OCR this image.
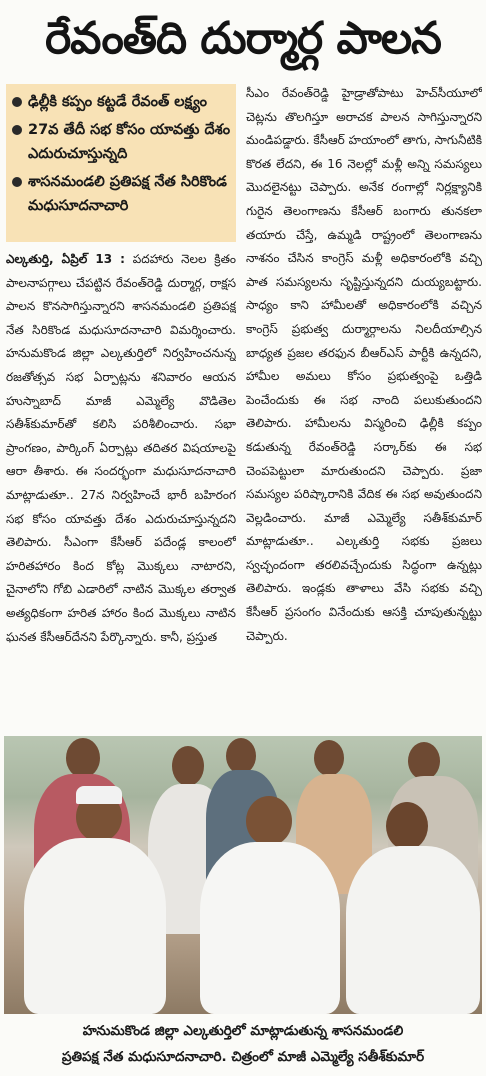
రేవంత్‌ది దుర్మార్గ పాలన
ఢిల్లీకి కప్పం కట్టడే రేవంత్ లక్ష్యం
27వ తేదీ సభ కోసం యావత్తు దేశం ఎదురుచూస్తున్నది
శాసనమండలి ప్రతిపక్ష నేత సిరికొండ మధుసూదనాచారి

ఎల్కతుర్తి, ఏప్రిల్ 13 : పదహారు నెలల క్రితం పాలనాపగ్గాలు చేపట్టిన రేవంత్‌రెడ్డి దుర్మార్గ, రాక్షస పాలన కొనసాగిస్తున్నారని శాసనమండలి ప్రతిపక్ష నేత సిరికొండ మధుసూదనాచారి విమర్శించారు. హనుమకొండ జిల్లా ఎల్కతుర్తిలో నిర్వహించనున్న రజతోత్సవ సభ ఏర్పాట్లను శనివారం ఆయన హుస్నాబాద్ మాజీ ఎమ్మెల్యే వొడితెల సతీశ్‌కుమార్‌తో కలిసి పరిశీలించారు. సభా ప్రాంగణం, పార్కింగ్ ఏర్పాట్లు తదితర విషయాలపై ఆరా తీశారు. ఈ సందర్భంగా మధుసూదనాచారి మాట్లాడుతూ.. 27న నిర్వహించే భారీ బహిరంగ సభ కోసం యావత్తు దేశం ఎదురుచూస్తున్నదని తెలిపారు. సీఎంగా కేసీఆర్ పదేండ్ల కాలంలో హరితహారం కింద కోట్ల మొక్కలు నాటారని, చైనాలోని గోబి ఎడారిలో నాటిన మొక్కల తర్వాత అత్యధికంగా హరిత హారం కింద మొక్కలు నాటిన ఘనత కేసీఆర్‌దేనని పేర్కొన్నారు. కానీ, ప్రస్తుత

సీఎం రేవంత్‌రెడ్డి హైడ్రాతోపాటు హెచ్‌సీయూలో చెట్లను తొలగిస్తూ అరాచక పాలన సాగిస్తున్నారని మండిపడ్డారు. కేసీఆర్ హయాంలో తాగు, సాగునీటికి కొరత లేదని, ఈ 16 నెలల్లో మళ్లీ అన్ని సమస్యలు మొదలైనట్టు చెప్పారు. అనేక రంగాల్లో నిర్లక్ష్యానికి గురైన తెలంగాణను కేసీఆర్ బంగారు తునకలా తయారు చేస్తే, ఉమ్మడి రాష్ట్రంలో తెలంగాణను నాశనం చేసిన కాంగ్రెస్ మళ్లీ అధికారంలోకి వచ్చి పాత సమస్యలను సృష్టిస్తున్నదని దుయ్యబట్టారు. సాధ్యం కాని హామీలతో అధికారంలోకి వచ్చిన కాంగ్రెస్ ప్రభుత్వ దుర్మార్గాలను నిలదీయాల్సిన బాధ్యత ప్రజల తరఫున బీఆర్‌ఎస్ పార్టీకి ఉన్నదని, హామీల అమలు కోసం ప్రభుత్వంపై ఒత్తిడి పెంచేందుకు ఈ సభ నాంది పలుకుతుందని తెలిపారు. హామీలను విస్మరించి ఢిల్లీకి కప్పం కడుతున్న రేవంత్‌రెడ్డి సర్కార్‌కు ఈ సభ చెంపపెట్టులా మారుతుందని చెప్పారు. ప్రజా సమస్యల పరిష్కారానికి వేదిక ఈ సభ అవుతుందని వెల్లడించారు. మాజీ ఎమ్మెల్యే సతీశ్‌కుమార్ మాట్లాడుతూ.. ఎల్కతుర్తి సభకు ప్రజలు స్వచ్ఛందంగా తరలివచ్చేందుకు సిద్ధంగా ఉన్నట్లు తెలిపారు. ఇండ్లకు తాళాలు వేసి సభకు వచ్చి కేసీఆర్ ప్రసంగం వినేందుకు ఆసక్తి చూపుతున్నట్టు చెప్పారు.

హనుమకొండ జిల్లా ఎల్కతుర్తిలో మాట్లాడుతున్న శాసనమండలి
ప్రతిపక్ష నేత మధుసూదనాచారి. చిత్రంలో మాజీ ఎమ్మెల్యే సతీశ్‌కుమార్
